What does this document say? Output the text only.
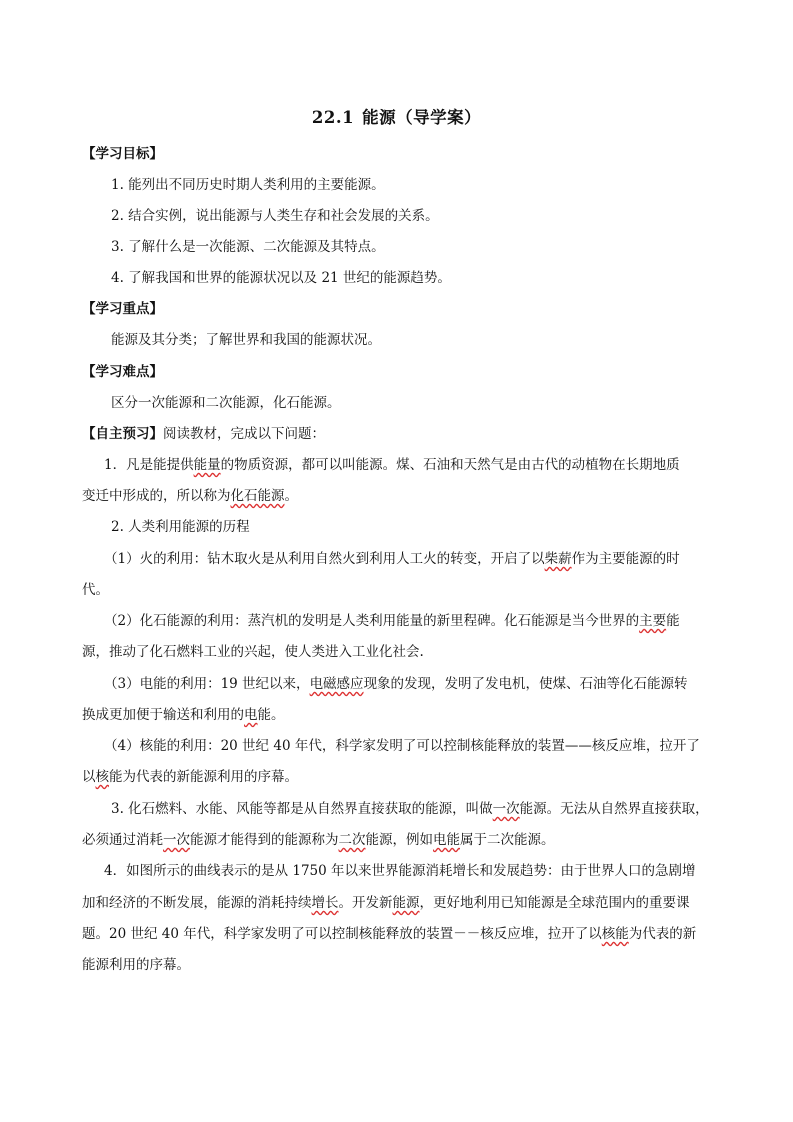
22.1 能源（导学案）
【学习目标】
1. 能列出不同历史时期人类利用的主要能源。
2. 结合实例，说出能源与人类生存和社会发展的关系。
3. 了解什么是一次能源、二次能源及其特点。
4. 了解我国和世界的能源状况以及 21 世纪的能源趋势。
【学习重点】
能源及其分类；了解世界和我国的能源状况。
【学习难点】
区分一次能源和二次能源，化石能源。
【自主预习】阅读教材，完成以下问题：
1．凡是能提供能量的物质资源，都可以叫能源。煤、石油和天然气是由古代的动植物在长期地质
变迁中形成的，所以称为化石能源。
2. 人类利用能源的历程
（1）火的利用：钻木取火是从利用自然火到利用人工火的转变，开启了以柴薪作为主要能源的时
代。
（2）化石能源的利用：蒸汽机的发明是人类利用能量的新里程碑。化石能源是当今世界的主要能
源，推动了化石燃料工业的兴起，使人类进入工业化社会.
（3）电能的利用：19 世纪以来，电磁感应现象的发现，发明了发电机，使煤、石油等化石能源转
换成更加便于输送和利用的电能。
（4）核能的利用：20 世纪 40 年代，科学家发明了可以控制核能释放的装置——核反应堆，拉开了
以核能为代表的新能源利用的序幕。
3. 化石燃料、水能、风能等都是从自然界直接获取的能源，叫做一次能源。无法从自然界直接获取，
必须通过消耗一次能源才能得到的能源称为二次能源，例如电能属于二次能源。
4．如图所示的曲线表示的是从 1750 年以来世界能源消耗增长和发展趋势：由于世界人口的急剧增
加和经济的不断发展，能源的消耗持续增长。开发新能源，更好地利用已知能源是全球范围内的重要课
题。20 世纪 40 年代，科学家发明了可以控制核能释放的装置－－核反应堆，拉开了以核能为代表的新
能源利用的序幕。
